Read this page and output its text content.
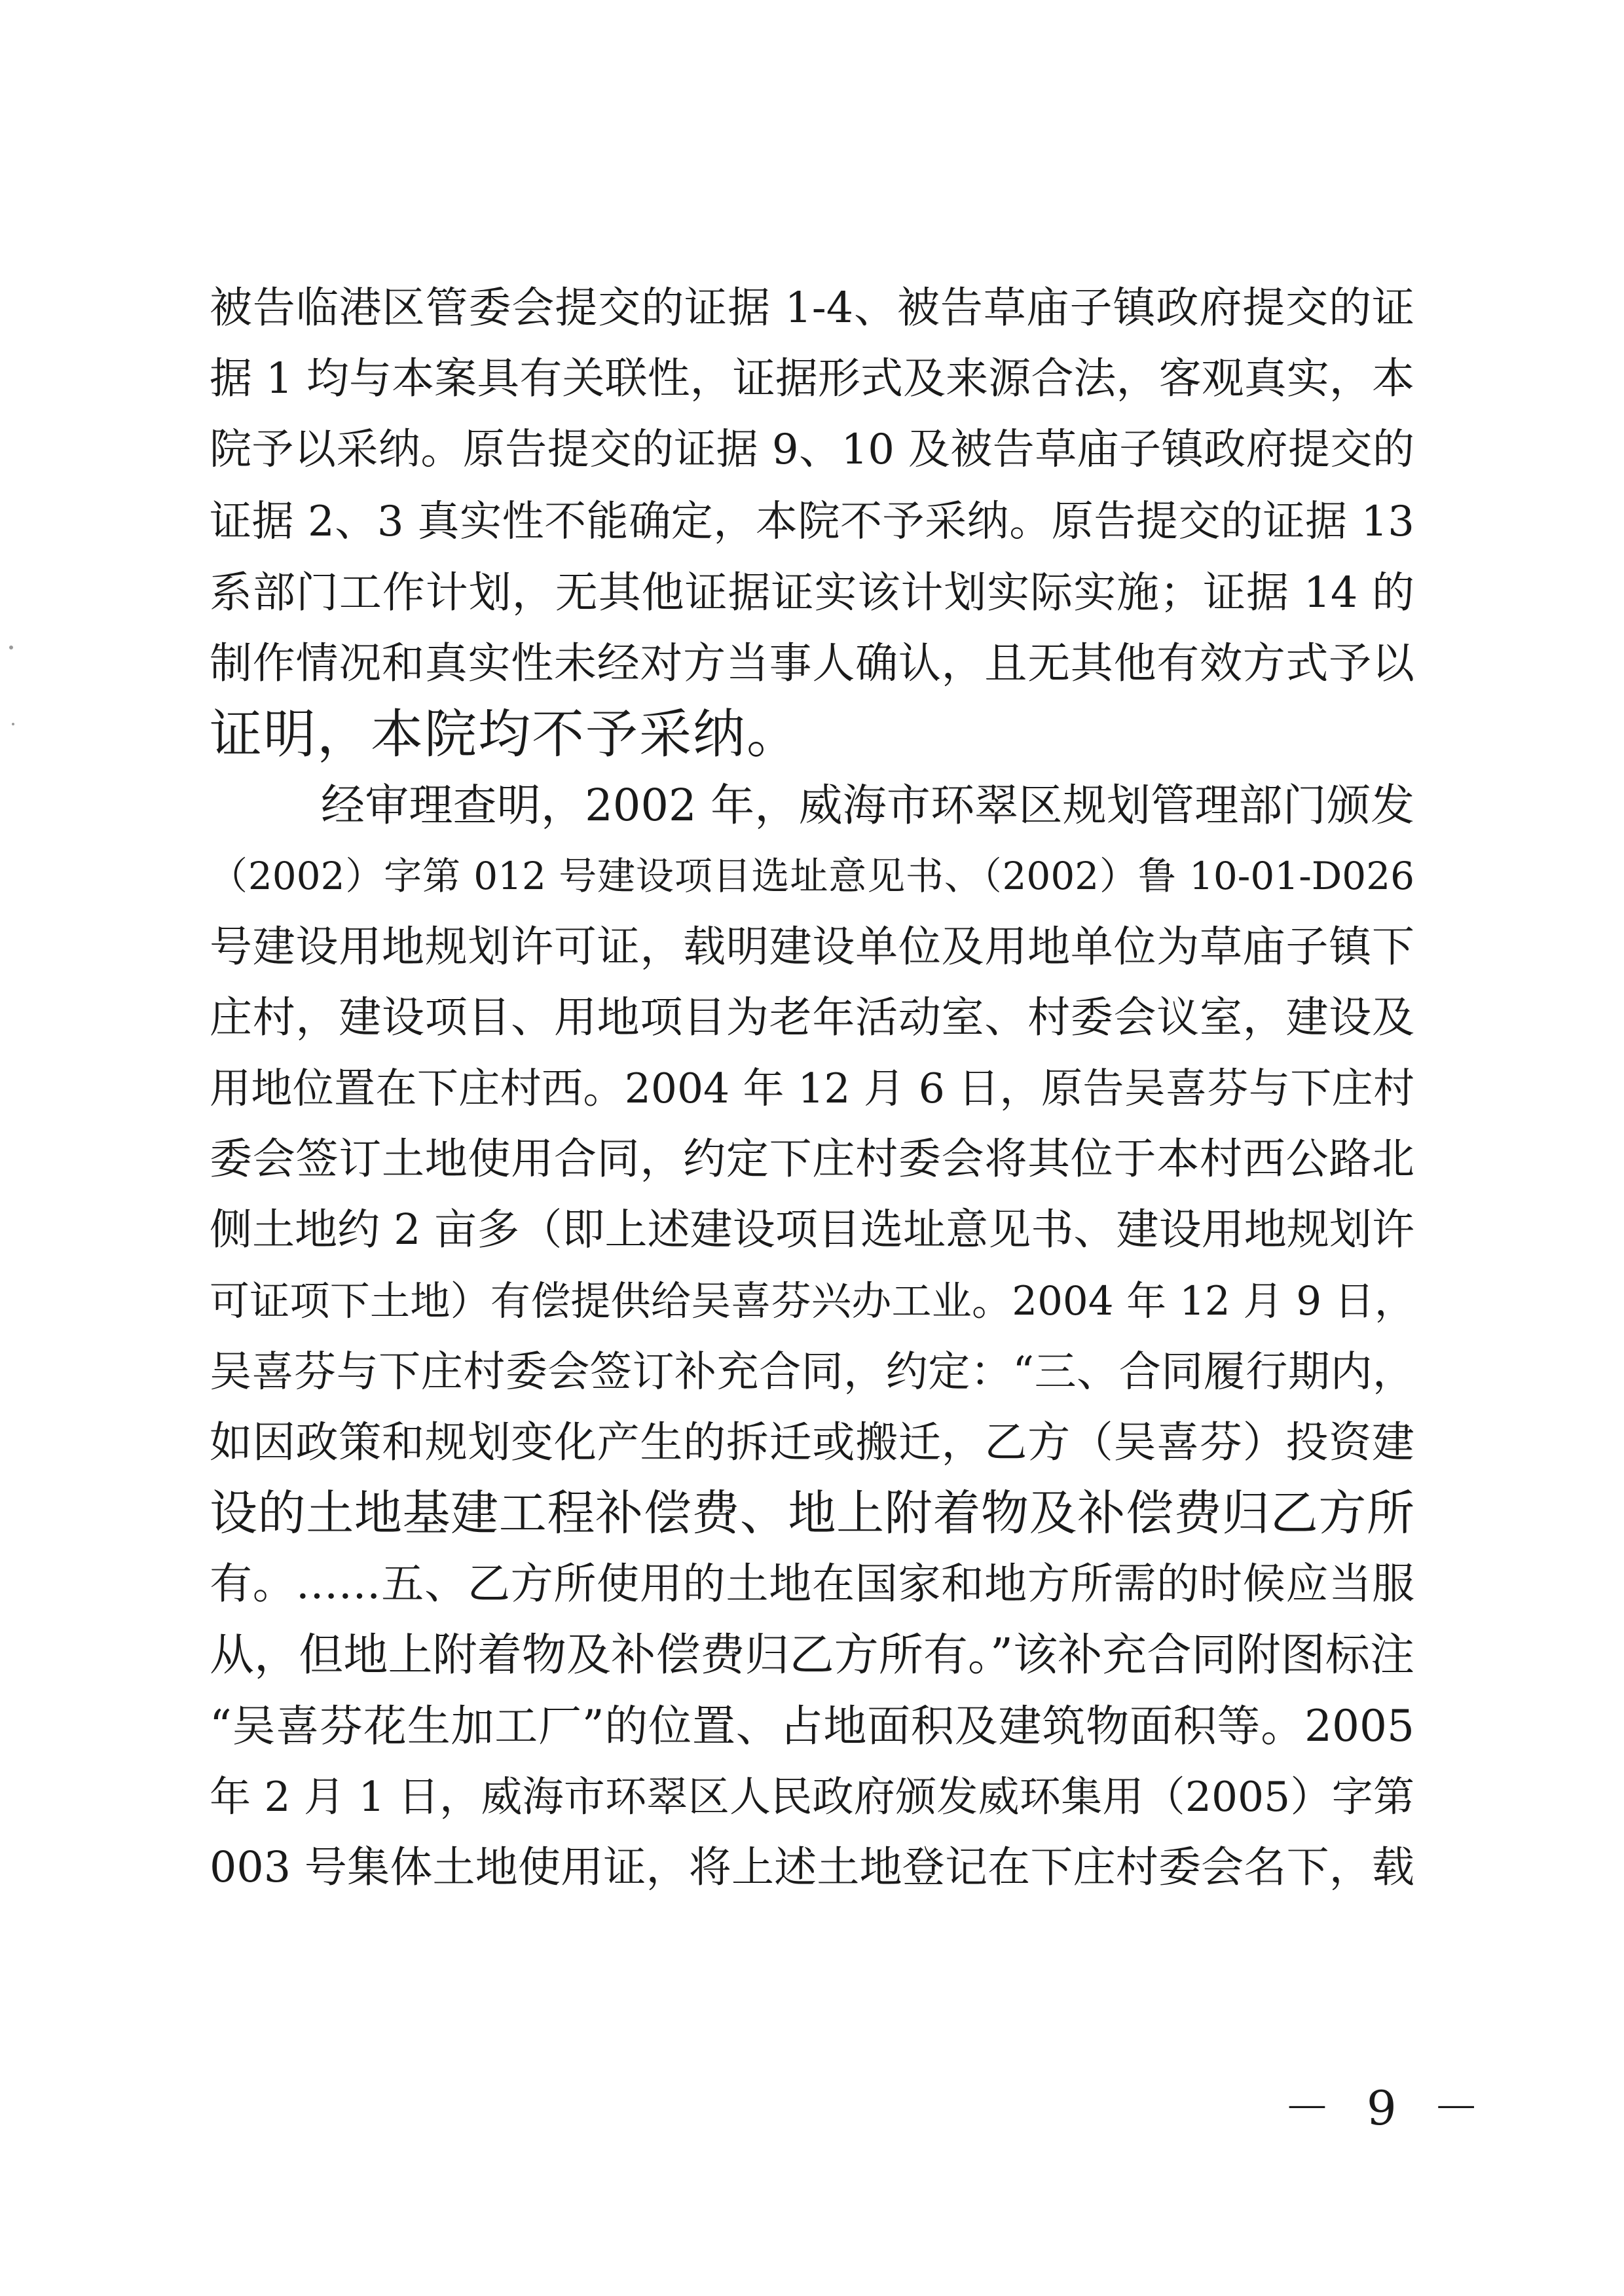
被告临港区管委会提交的证据 1-4、被告草庙子镇政府提交的证
据 1 均与本案具有关联性，证据形式及来源合法，客观真实，本
院予以采纳。原告提交的证据 9、10 及被告草庙子镇政府提交的
证据 2、3 真实性不能确定，本院不予采纳。原告提交的证据 13
系部门工作计划，无其他证据证实该计划实际实施；证据 14 的
制作情况和真实性未经对方当事人确认，且无其他有效方式予以
证明，本院均不予采纳。
经审理查明，2002 年，威海市环翠区规划管理部门颁发
（2002）字第 012 号建设项目选址意见书、（2002）鲁 10-01-D026
号建设用地规划许可证，载明建设单位及用地单位为草庙子镇下
庄村，建设项目、用地项目为老年活动室、村委会议室，建设及
用地位置在下庄村西。2004 年 12 月 6 日，原告吴喜芬与下庄村
委会签订土地使用合同，约定下庄村委会将其位于本村西公路北
侧土地约 2 亩多（即上述建设项目选址意见书、建设用地规划许
可证项下土地）有偿提供给吴喜芬兴办工业。2004 年 12 月 9 日，
吴喜芬与下庄村委会签订补充合同，约定：“三、合同履行期内，
如因政策和规划变化产生的拆迁或搬迁，乙方（吴喜芬）投资建
设的土地基建工程补偿费、地上附着物及补偿费归乙方所
有。……五、乙方所使用的土地在国家和地方所需的时候应当服
从，但地上附着物及补偿费归乙方所有。”该补充合同附图标注
“吴喜芬花生加工厂”的位置、占地面积及建筑物面积等。2005
年 2 月 1 日，威海市环翠区人民政府颁发威环集用（2005）字第
003 号集体土地使用证，将上述土地登记在下庄村委会名下，载
－ 9 －
